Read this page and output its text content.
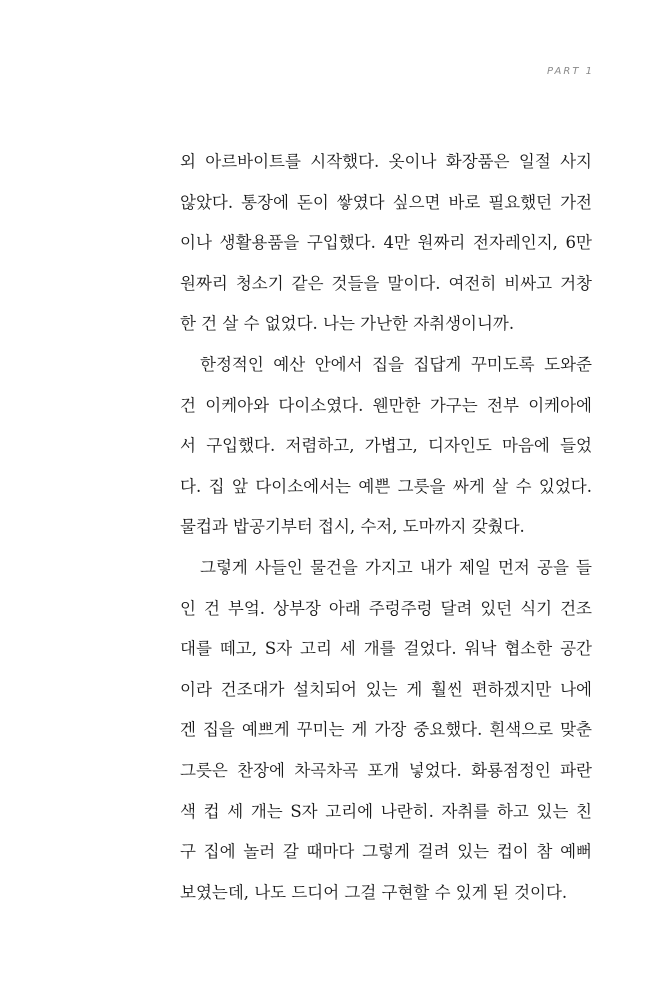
PART 1
외 아르바이트를 시작했다. 옷이나 화장품은 일절 사지
않았다. 통장에 돈이 쌓였다 싶으면 바로 필요했던 가전
이나 생활용품을 구입했다. 4만 원짜리 전자레인지, 6만
원짜리 청소기 같은 것들을 말이다. 여전히 비싸고 거창
한 건 살 수 없었다. 나는 가난한 자취생이니까.
한정적인 예산 안에서 집을 집답게 꾸미도록 도와준
건 이케아와 다이소였다. 웬만한 가구는 전부 이케아에
서 구입했다. 저렴하고, 가볍고, 디자인도 마음에 들었
다. 집 앞 다이소에서는 예쁜 그릇을 싸게 살 수 있었다.
물컵과 밥공기부터 접시, 수저, 도마까지 갖췄다.
그렇게 사들인 물건을 가지고 내가 제일 먼저 공을 들
인 건 부엌. 상부장 아래 주렁주렁 달려 있던 식기 건조
대를 떼고, S자 고리 세 개를 걸었다. 워낙 협소한 공간
이라 건조대가 설치되어 있는 게 훨씬 편하겠지만 나에
겐 집을 예쁘게 꾸미는 게 가장 중요했다. 흰색으로 맞춘
그릇은 찬장에 차곡차곡 포개 넣었다. 화룡점정인 파란
색 컵 세 개는 S자 고리에 나란히. 자취를 하고 있는 친
구 집에 놀러 갈 때마다 그렇게 걸려 있는 컵이 참 예뻐
보였는데, 나도 드디어 그걸 구현할 수 있게 된 것이다.
